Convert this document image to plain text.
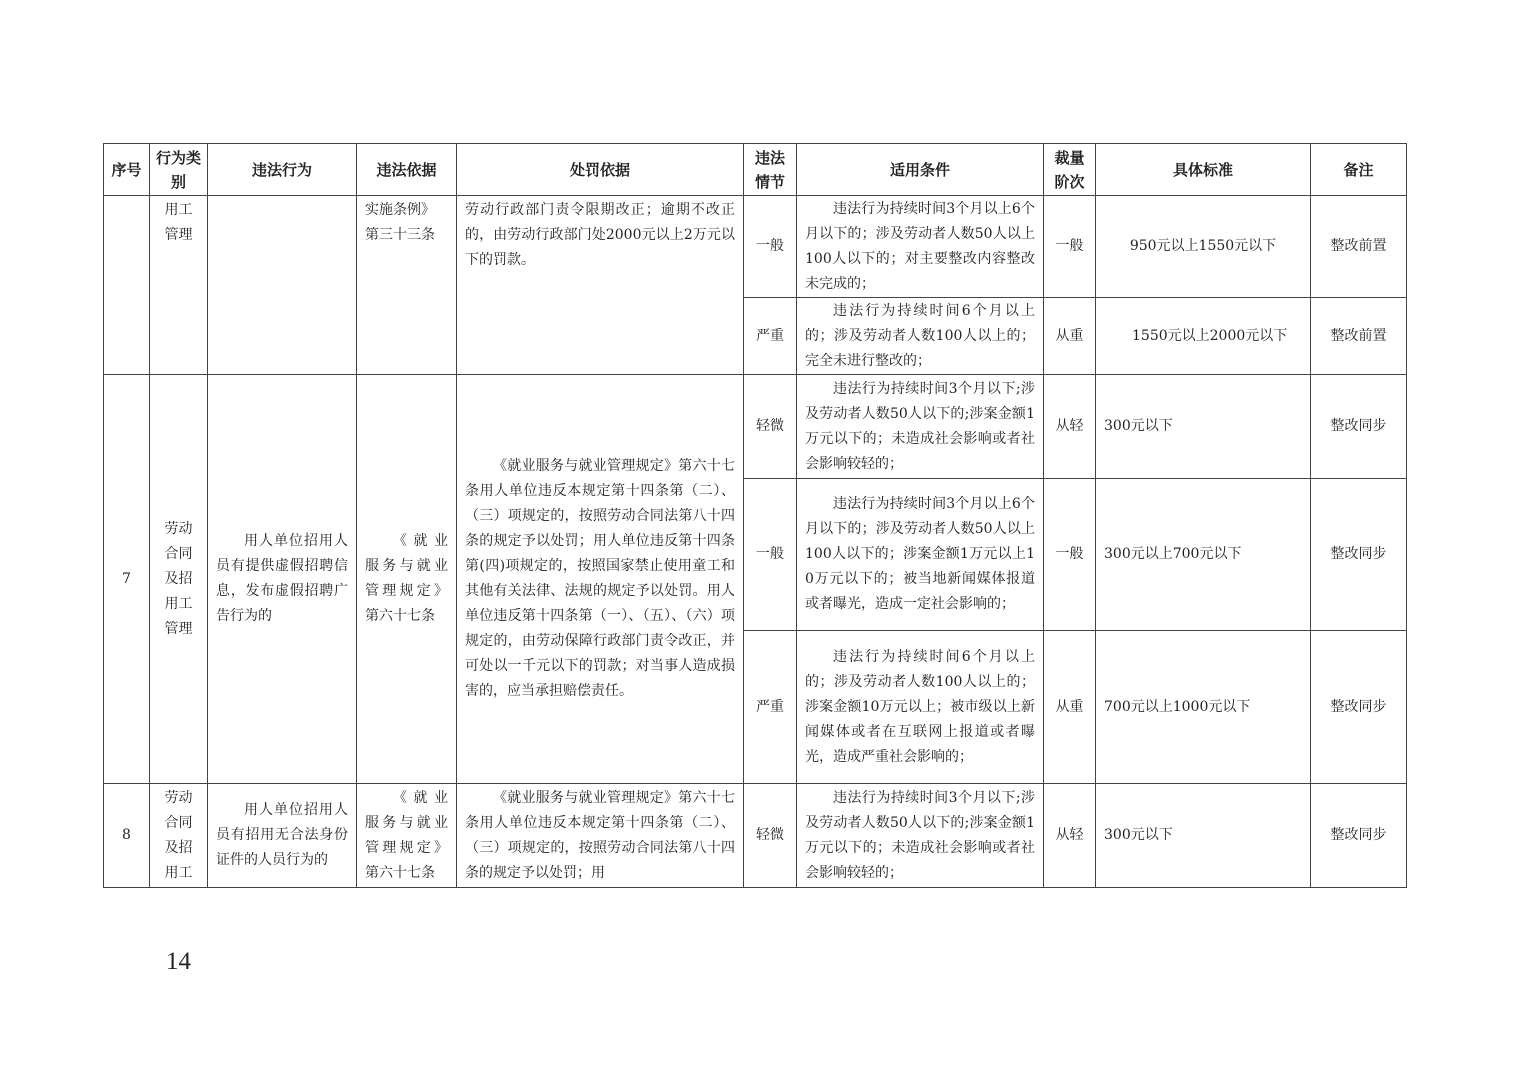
序号	行为类别	违法行为	违法依据	处罚依据	违法情节	适用条件	裁量阶次	具体标准	备注
	用工管理		实施条例》第三十三条	劳动行政部门责令限期改正；逾期不改正的，由劳动行政部门处2000元以上2万元以下的罚款。	一般	违法行为持续时间3个月以上6个月以下的；涉及劳动者人数50人以上100人以下的；对主要整改内容整改未完成的；	一般	950元以上1550元以下	整改前置
					严重	违法行为持续时间6个月以上的；涉及劳动者人数100人以上的；完全未进行整改的；	从重	1550元以上2000元以下	整改前置
7	劳动合同及招用工管理	用人单位招用人员有提供虚假招聘信息，发布虚假招聘广告行为的	《就业服务与就业管理规定》第六十七条	《就业服务与就业管理规定》第六十七条用人单位违反本规定第十四条第（二）、（三）项规定的，按照劳动合同法第八十四条的规定予以处罚；用人单位违反第十四条第(四)项规定的，按照国家禁止使用童工和其他有关法律、法规的规定予以处罚。用人单位违反第十四条第（一）、（五）、（六）项规定的，由劳动保障行政部门责令改正，并可处以一千元以下的罚款；对当事人造成损害的，应当承担赔偿责任。	轻微	违法行为持续时间3个月以下;涉及劳动者人数50人以下的;涉案金额1万元以下的；未造成社会影响或者社会影响较轻的；	从轻	300元以下	整改同步
					一般	违法行为持续时间3个月以上6个月以下的；涉及劳动者人数50人以上100人以下的；涉案金额1万元以上10万元以下的；被当地新闻媒体报道或者曝光，造成一定社会影响的；	一般	300元以上700元以下	整改同步
					严重	违法行为持续时间6个月以上的；涉及劳动者人数100人以上的；涉案金额10万元以上；被市级以上新闻媒体或者在互联网上报道或者曝光，造成严重社会影响的；	从重	700元以上1000元以下	整改同步
8	劳动合同及招用工	用人单位招用人员有招用无合法身份证件的人员行为的	《就业服务与就业管理规定》第六十七条	《就业服务与就业管理规定》第六十七条用人单位违反本规定第十四条第（二）、（三）项规定的，按照劳动合同法第八十四条的规定予以处罚；用	轻微	违法行为持续时间3个月以下;涉及劳动者人数50人以下的;涉案金额1万元以下的；未造成社会影响或者社会影响较轻的；	从轻	300元以下	整改同步
14
